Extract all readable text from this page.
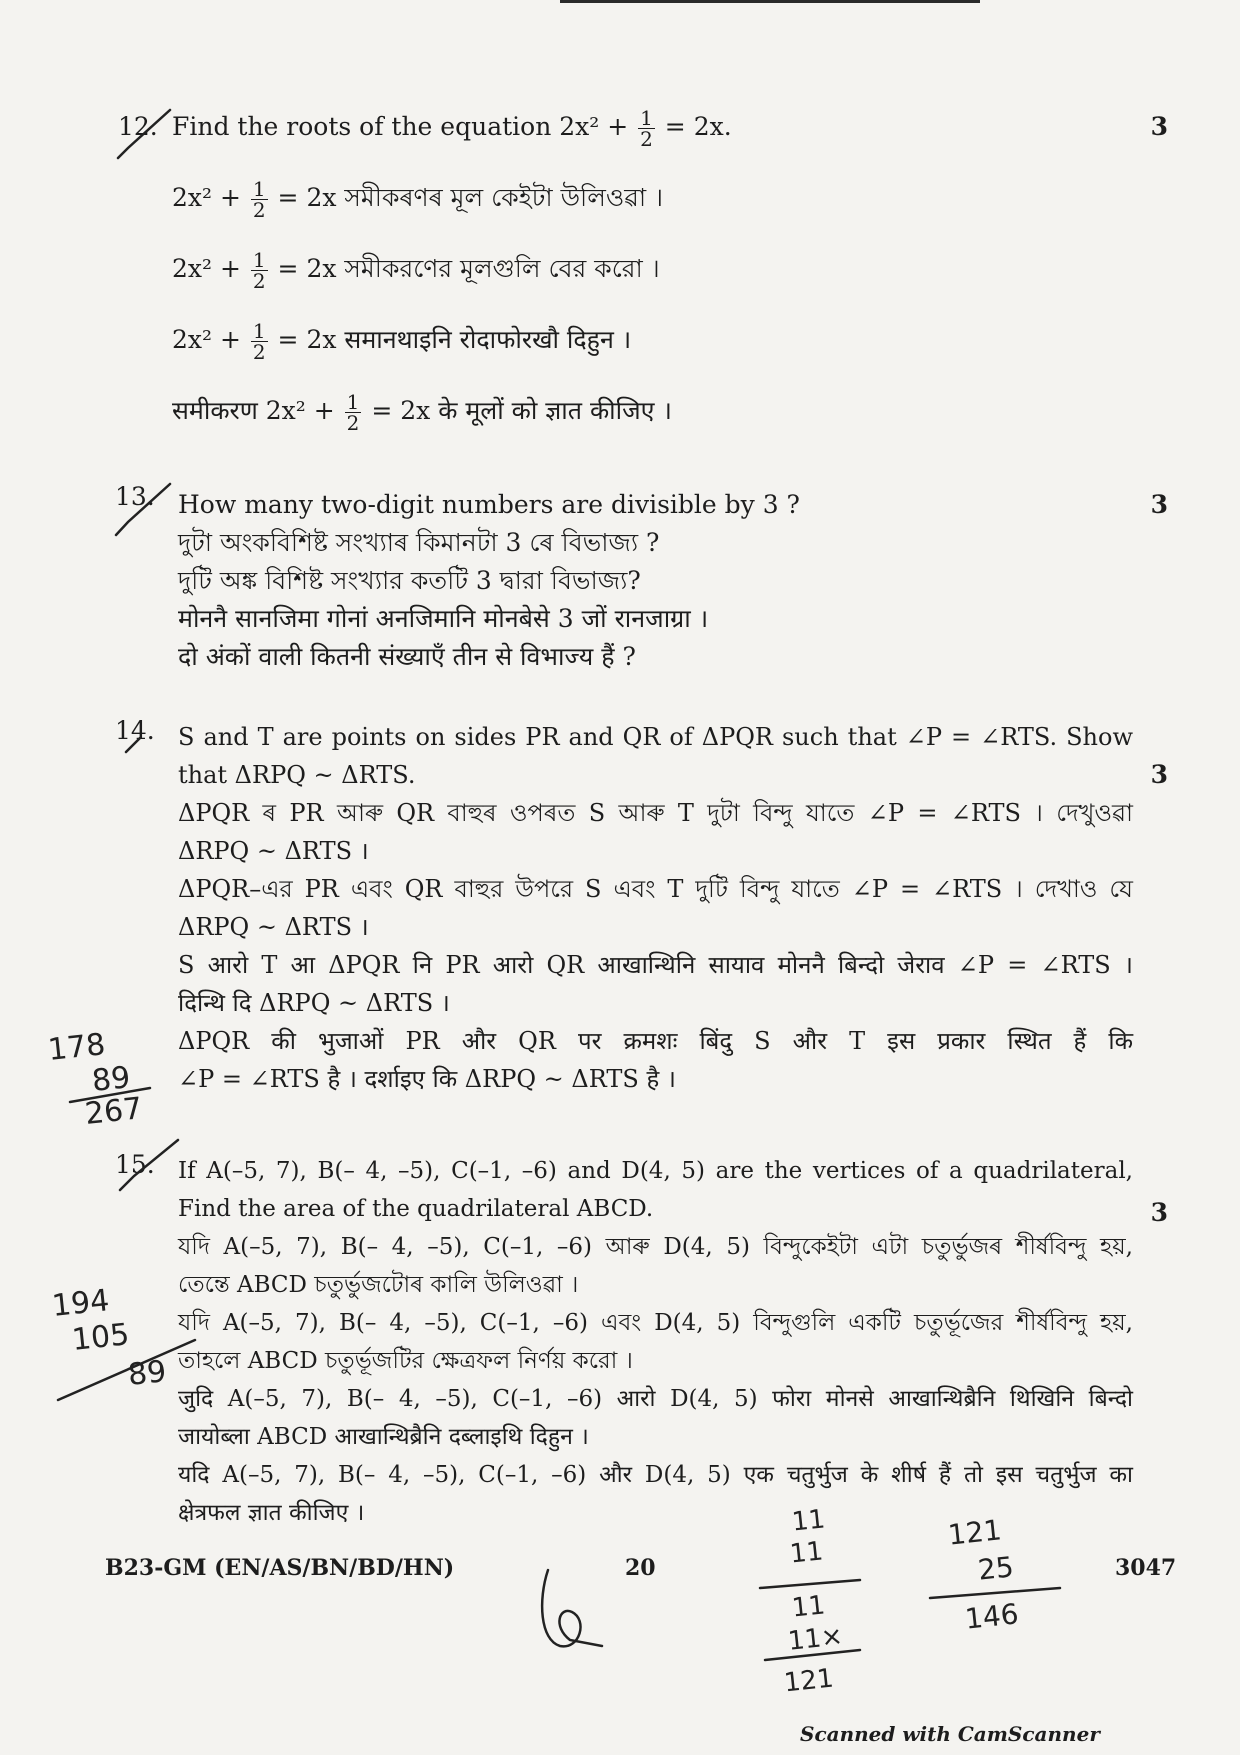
12.	3
Find the roots of the equation $2x^2 + \frac{1}{2} = 2x$.
$2x^2 + \frac{1}{2} = 2x$ সমীকৰণৰ মূল কেইটা উলিওৱা ।
$2x^2 + \frac{1}{2} = 2x$ সমীকরণের মূলগুলি বের করো ।
$2x^2 + \frac{1}{2} = 2x$ समानथाइनि रोदाफोरखौ दिहुन ।
समीकरण $2x^2 + \frac{1}{2} = 2x$ के मूलों को ज्ञात कीजिए ।
13.	3
How many two-digit numbers are divisible by 3 ?
দুটা অংকবিশিষ্ট সংখ্যাৰ কিমানটা 3 ৰে বিভাজ্য ?
দুটি অঙ্ক বিশিষ্ট সংখ্যার কতটি 3 দ্বারা বিভাজ্য?
मोननै सानजिमा गोनां अनजिमानि मोनबेसे 3 जों रानजाग्रा ।
दो अंकों वाली कितनी संख्याएँ तीन से विभाज्य हैं ?
14.
3
S and T are points on sides PR and QR of ΔPQR such that ∠P = ∠RTS. Show
that ΔRPQ ~ ΔRTS.
ΔPQR ৰ PR আৰু QR বাহুৰ ওপৰত S আৰু T দুটা বিন্দু যাতে ∠P = ∠RTS । দেখুওৱা
ΔRPQ ~ ΔRTS ।
ΔPQR–এর PR এবং QR বাহুর উপরে S এবং T দুটি বিন্দু যাতে ∠P = ∠RTS । দেখাও যে
ΔRPQ ~ ΔRTS ।
S आरो T आ ΔPQR नि PR आरो QR आखान्थिनि सायाव मोननै बिन्दो जेराव ∠P = ∠RTS ।
दिन्थि दि ΔRPQ ~ ΔRTS ।
ΔPQR की भुजाओं PR और QR पर क्रमशः बिंदु S और T इस प्रकार स्थित हैं कि
∠P = ∠RTS है । दर्शाइए कि ΔRPQ ~ ΔRTS है ।
15.
3
If A(–5, 7), B(– 4, –5), C(–1, –6) and D(4, 5) are the vertices of a quadrilateral,
Find the area of the quadrilateral ABCD.
যদি A(–5, 7), B(– 4, –5), C(–1, –6) আৰু D(4, 5) বিন্দুকেইটা এটা চতুর্ভুজৰ শীৰ্ষবিন্দু হয়,
তেন্তে ABCD চতুর্ভুজটোৰ কালি উলিওৱা ।
যদি A(–5, 7), B(– 4, –5), C(–1, –6) এবং D(4, 5) বিন্দুগুলি একটি চতুর্ভূজের শীর্ষবিন্দু হয়,
তাহলে ABCD চতুর্ভূজটির ক্ষেত্রফল নির্ণয় করো ।
जुदि A(–5, 7), B(– 4, –5), C(–1, –6) आरो D(4, 5) फोरा मोनसे आखान्थिब्रैनि थिखिनि बिन्दो
जायोब्ला ABCD आखान्थिब्रैनि दब्लाइथि दिहुन ।
यदि A(–5, 7), B(– 4, –5), C(–1, –6) और D(4, 5) एक चतुर्भुज के शीर्ष हैं तो इस चतुर्भुज का
क्षेत्रफल ज्ञात कीजिए ।
B23-GM (EN/AS/BN/BD/HN)	20	3047
178
89
267
194
105
89
11
11
11
11×
121
121
25
146
Scanned with CamScanner
